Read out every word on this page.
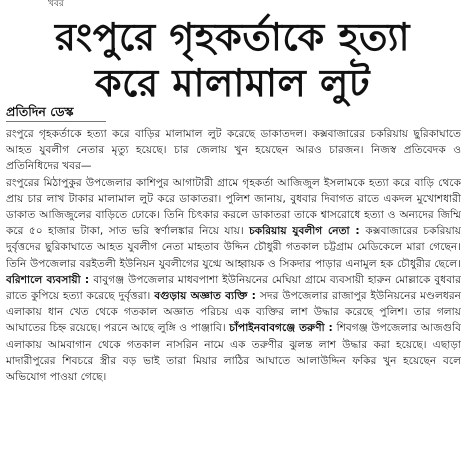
খবর
রংপুরে গৃহকর্তাকে হত্যা
করে মালামাল লুট
প্রতিদিন ডেস্ক

রংপুরে গৃহকর্তাকে হত্যা করে বাড়ির মালামাল লুট করেছে ডাকাতদল। কক্সবাজারের চকরিয়ায় ছুরিকাঘাতে আহত যুবলীগ নেতার মৃত্যু হয়েছে। চার জেলায় খুন হয়েছেন আরও চারজন। নিজস্ব প্রতিবেদক ও প্রতিনিধিদের খবর—

রংপুরের মিঠাপুকুর উপজেলার কাশিপুর আগাটারী গ্রামে গৃহকর্তা আজিজুল ইসলামকে হত্যা করে বাড়ি থেকে প্রায় চার লাখ টাকার মালামাল লুট করে ডাকাতরা। পুলিশ জানায়, বুধবার দিবাগত রাতে একদল মুখোশধারী ডাকাত আজিজুলের বাড়িতে ঢোকে। তিনি চিৎকার করলে ডাকাতরা তাকে শ্বাসরোধে হত্যা ও অন্যদের জিম্মি করে ৫০ হাজার টাকা, সাত ভরি স্বর্ণালঙ্কার নিয়ে যায়। চকরিয়ায় যুবলীগ নেতা : কক্সবাজারের চকরিয়ায় দুর্বৃত্তদের ছুরিকাঘাতে আহত যুবলীগ নেতা মাহতাব উদ্দিন চৌধুরী গতকাল চট্টগ্রাম মেডিকেলে মারা গেছেন। তিনি উপজেলার বরইতলী ইউনিয়ন যুবলীগের যুগ্মে আহ্বায়ক ও সিকদার পাড়ার এনামুল হক চৌধুরীর ছেলে। বরিশালে ব্যবসায়ী : বাবুগঞ্জ উপজেলার মাধবপাশা ইউনিয়নের মেঘিয়া গ্রামে ব্যবসায়ী হারুন মোল্লাকে বুধবার রাতে কুপিয়ে হত্যা করেছে দুর্বৃত্তরা। বগুড়ায় অজ্ঞাত ব্যক্তি : সদর উপজেলার রাজাপুর ইউনিয়নের মণ্ডলধরন এলাকায় ধান খেত থেকে গতকাল অজ্ঞাত পরিচয় এক ব্যক্তির লাশ উদ্ধার করেছে পুলিশ। তার গলায় আঘাতের চিহ্ন রয়েছে। পরনে আছে লুঙ্গি ও পাঞ্জাবি। চাঁপাইনবাবগঞ্জে তরুণী : শিবগঞ্জ উপজেলার আজগুবি এলাকায় আমবাগান থেকে গতকাল নাসরিন নামে এক তরুণীর ঝুলন্ত লাশ উদ্ধার করা হয়েছে। এছাড়া মাদারীপুরের শিবচরে স্ত্রীর বড় ভাই তারা মিয়ার লাঠির আঘাতে আলাউদ্দিন ফকির খুন হয়েছেন বলে অভিযোগ পাওয়া গেছে।
